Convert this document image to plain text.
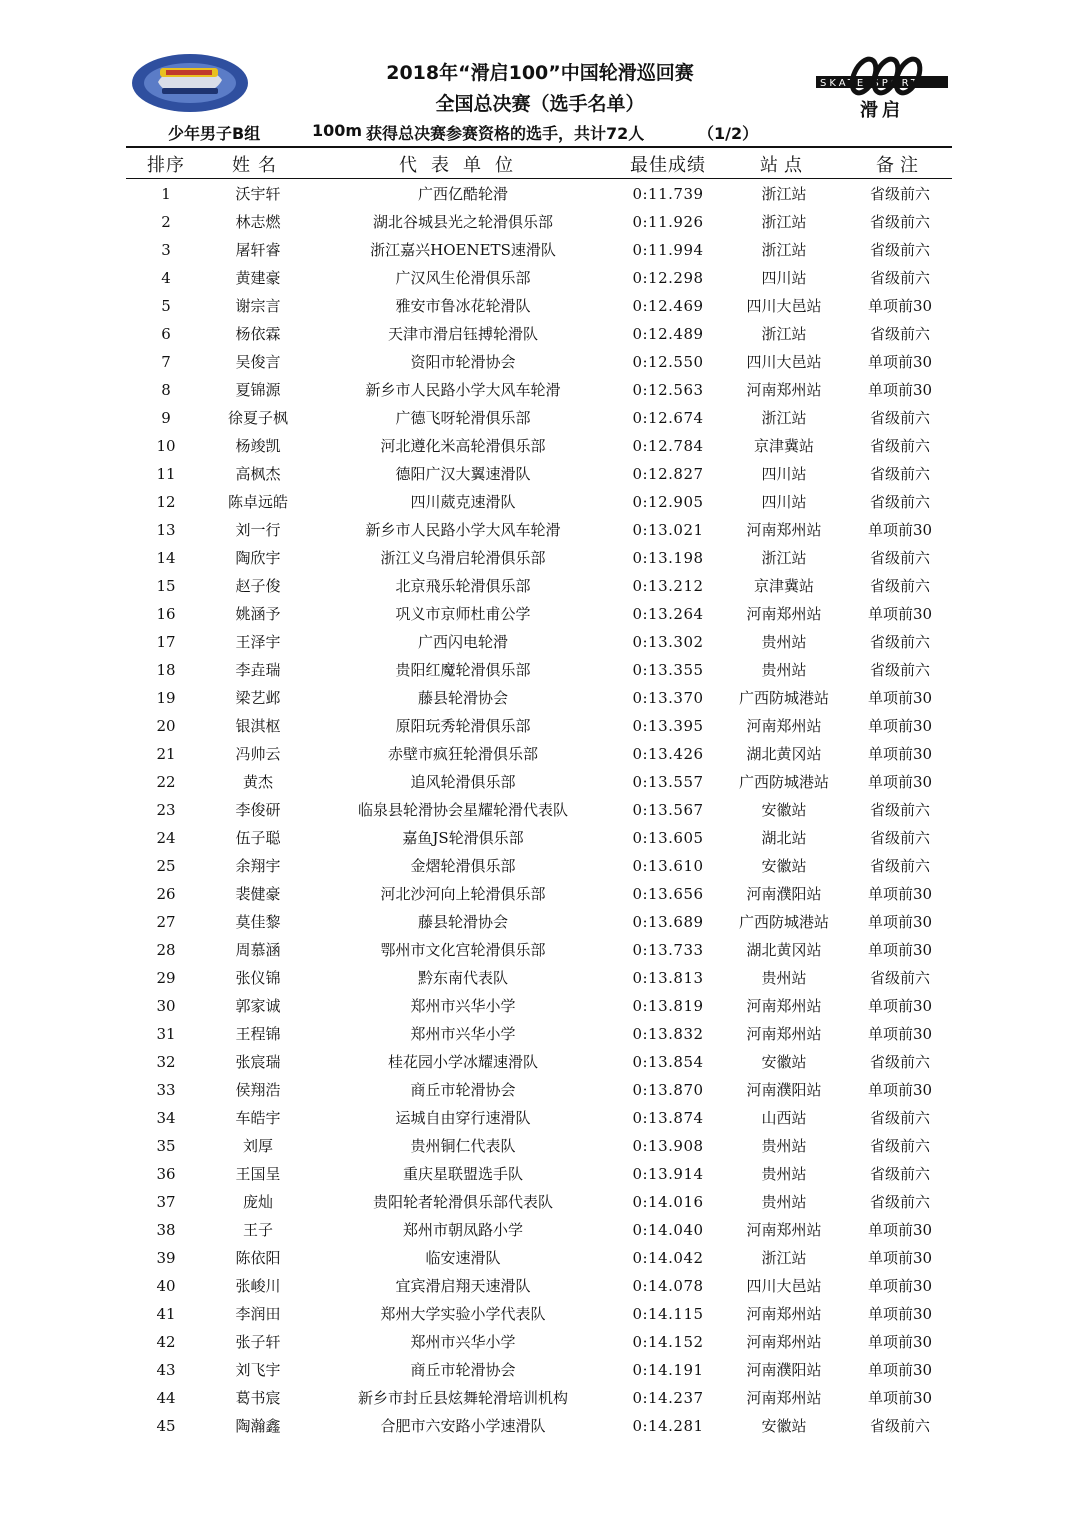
2018年“滑启100”中国轮滑巡回赛
全国总决赛（选手名单）
SKATE SPORT
滑启
少年男子B组	100m 获得总决赛参赛资格的选手，共计72人	（1/2）
排序	姓名	代表单位	最佳成绩	站点	备注
1	沃宇轩	广西亿酷轮滑	0:11.739	浙江站	省级前六
2	林志燃	湖北谷城县光之轮滑俱乐部	0:11.926	浙江站	省级前六
3	屠轩睿	浙江嘉兴HOENETS速滑队	0:11.994	浙江站	省级前六
4	黄建豪	广汉风生伦滑俱乐部	0:12.298	四川站	省级前六
5	谢宗言	雅安市鲁冰花轮滑队	0:12.469	四川大邑站	单项前30
6	杨依霖	天津市滑启钰搏轮滑队	0:12.489	浙江站	省级前六
7	吴俊言	资阳市轮滑协会	0:12.550	四川大邑站	单项前30
8	夏锦源	新乡市人民路小学大风车轮滑	0:12.563	河南郑州站	单项前30
9	徐夏子枫	广德飞呀轮滑俱乐部	0:12.674	浙江站	省级前六
10	杨竣凯	河北遵化米高轮滑俱乐部	0:12.784	京津冀站	省级前六
11	高枫杰	德阳广汉大翼速滑队	0:12.827	四川站	省级前六
12	陈卓远皓	四川葳克速滑队	0:12.905	四川站	省级前六
13	刘一行	新乡市人民路小学大风车轮滑	0:13.021	河南郑州站	单项前30
14	陶欣宇	浙江义乌滑启轮滑俱乐部	0:13.198	浙江站	省级前六
15	赵子俊	北京飛乐轮滑俱乐部	0:13.212	京津冀站	省级前六
16	姚涵予	巩义市京师杜甫公学	0:13.264	河南郑州站	单项前30
17	王泽宇	广西闪电轮滑	0:13.302	贵州站	省级前六
18	李垚瑞	贵阳红魔轮滑俱乐部	0:13.355	贵州站	省级前六
19	梁艺邺	藤县轮滑协会	0:13.370	广西防城港站	单项前30
20	银淇枢	原阳玩秀轮滑俱乐部	0:13.395	河南郑州站	单项前30
21	冯帅云	赤壁市疯狂轮滑俱乐部	0:13.426	湖北黄冈站	单项前30
22	黄杰	追风轮滑俱乐部	0:13.557	广西防城港站	单项前30
23	李俊研	临泉县轮滑协会星耀轮滑代表队	0:13.567	安徽站	省级前六
24	伍子聪	嘉鱼JS轮滑俱乐部	0:13.605	湖北站	省级前六
25	余翔宇	金熠轮滑俱乐部	0:13.610	安徽站	省级前六
26	裴健豪	河北沙河向上轮滑俱乐部	0:13.656	河南濮阳站	单项前30
27	莫佳黎	藤县轮滑协会	0:13.689	广西防城港站	单项前30
28	周慕涵	鄂州市文化宫轮滑俱乐部	0:13.733	湖北黄冈站	单项前30
29	张仪锦	黔东南代表队	0:13.813	贵州站	省级前六
30	郭家诚	郑州市兴华小学	0:13.819	河南郑州站	单项前30
31	王程锦	郑州市兴华小学	0:13.832	河南郑州站	单项前30
32	张宸瑞	桂花园小学冰耀速滑队	0:13.854	安徽站	省级前六
33	侯翔浩	商丘市轮滑协会	0:13.870	河南濮阳站	单项前30
34	车皓宇	运城自由穿行速滑队	0:13.874	山西站	省级前六
35	刘厚	贵州铜仁代表队	0:13.908	贵州站	省级前六
36	王国呈	重庆星联盟选手队	0:13.914	贵州站	省级前六
37	庞灿	贵阳轮者轮滑俱乐部代表队	0:14.016	贵州站	省级前六
38	王子	郑州市朝凤路小学	0:14.040	河南郑州站	单项前30
39	陈依阳	临安速滑队	0:14.042	浙江站	单项前30
40	张峻川	宜宾滑启翔天速滑队	0:14.078	四川大邑站	单项前30
41	李润田	郑州大学实验小学代表队	0:14.115	河南郑州站	单项前30
42	张子轩	郑州市兴华小学	0:14.152	河南郑州站	单项前30
43	刘飞宇	商丘市轮滑协会	0:14.191	河南濮阳站	单项前30
44	葛书宸	新乡市封丘县炫舞轮滑培训机构	0:14.237	河南郑州站	单项前30
45	陶瀚鑫	合肥市六安路小学速滑队	0:14.281	安徽站	省级前六
